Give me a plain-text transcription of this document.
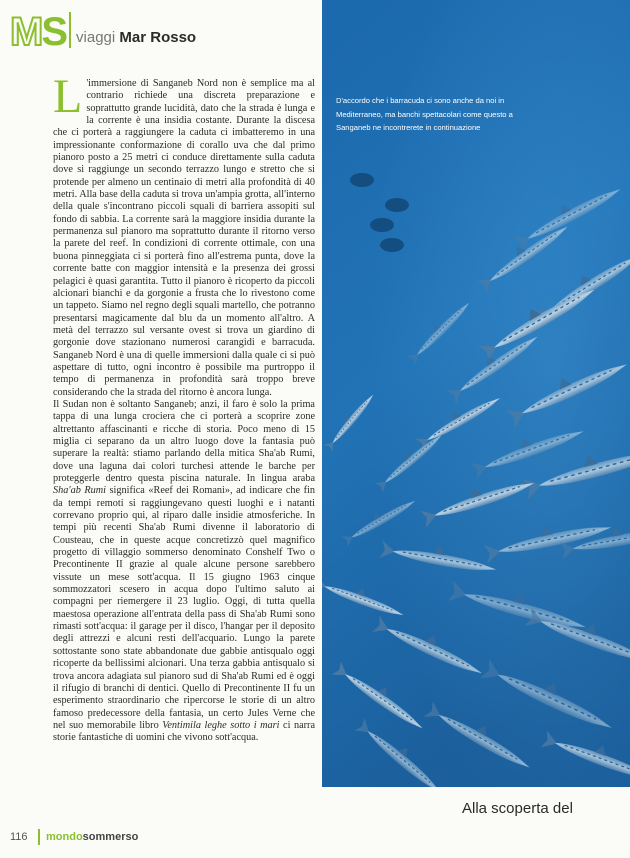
M S viaggi Mar Rosso

L 'immersione di Sanganeb Nord non è semplice ma al contrario richiede una discreta preparazione e soprattutto grande lucidità, dato che la strada è lunga e la corrente è una insidia costante. Durante la discesa che ci porterà a raggiungere la caduta ci imbatteremo in una impressionante conformazione di corallo uva che dal primo pianoro posto a 25 metri ci conduce direttamente sulla caduta dove si raggiunge un secondo terrazzo lungo e stretto che si protende per almeno un centinaio di metri alla profondità di 40 metri. Alla base della caduta si trova un'ampia grotta, all'interno della quale s'incontrano piccoli squali di barriera assopiti sul fondo di sabbia. La corrente sarà la maggiore insidia durante la permanenza sul pianoro ma soprattutto durante il ritorno verso la parete del reef. In condizioni di corrente ottimale, con una buona pinneggiata ci si porterà fino all'estrema punta, dove la corrente batte con maggior intensità e la presenza dei grossi pelagici è quasi garantita. Tutto il pianoro è ricoperto da piccoli alcionari bianchi e da gorgonie a frusta che lo rivestono come un tappeto. Siamo nel regno degli squali martello, che potranno presentarsi magicamente dal blu da un momento all'altro. A metà del terrazzo sul versante ovest si trova un giardino di gorgonie dove stazionano numerosi carangidi e barracuda. Sanganeb Nord è una di quelle immersioni dalla quale ci si può aspettare di tutto, ogni incontro è possibile ma purtroppo il tempo di permanenza in profondità sarà troppo breve considerando che la strada del ritorno è ancora lunga.

Il Sudan non è soltanto Sanganeb; anzi, il faro è solo la prima tappa di una lunga crociera che ci porterà a scoprire zone altrettanto affascinanti e ricche di storia. Poco meno di 15 miglia ci separano da un altro luogo dove la fantasia può superare la realtà: stiamo parlando della mitica Sha'ab Rumi, dove una laguna dai colori turchesi attende le barche per proteggerle dentro questa piscina naturale. In lingua araba Sha'ab Rumi significa «Reef dei Romani», ad indicare che fin da tempi remoti si raggiungevano questi luoghi e i natanti correvano proprio qui, al riparo dalle insidie atmosferiche. In tempi più recenti Sha'ab Rumi divenne il laboratorio di Cousteau, che in queste acque concretizzò quel magnifico progetto di villaggio sommerso denominato Conshelf Two o Precontinente II grazie al quale alcune persone sarebbero vissute un mese sott'acqua. Il 15 giugno 1963 cinque sommozzatori scesero in acqua dopo l'ultimo saluto ai compagni per riemergere il 23 luglio. Oggi, di tutta quella maestosa operazione all'entrata della pass di Sha'ab Rumi sono rimasti sott'acqua: il garage per il disco, l'hangar per il deposito degli attrezzi e alcuni resti dell'acquario. Lungo la parete sottostante sono state abbandonate due gabbie antisqualo oggi ricoperte da bellissimi alcionari. Una terza gabbia antisqualo si trova ancora adagiata sul pianoro sud di Sha'ab Rumi ed è oggi il rifugio di branchi di dentici. Quello di Precontinente II fu un esperimento straordinario che ripercorse le storie di un altro famoso predecessore della fantasia, un certo Jules Verne che nel suo memorabile libro Ventimila leghe sotto i mari ci narra storie fantastiche di uomini che vivono sott'acqua.

D'accordo che i barracuda ci sono anche da noi in Mediterraneo, ma banchi spettacolari come questo a Sanganeb ne incontrerete in continuazione
Alla scoperta del
116	mondosommerso
